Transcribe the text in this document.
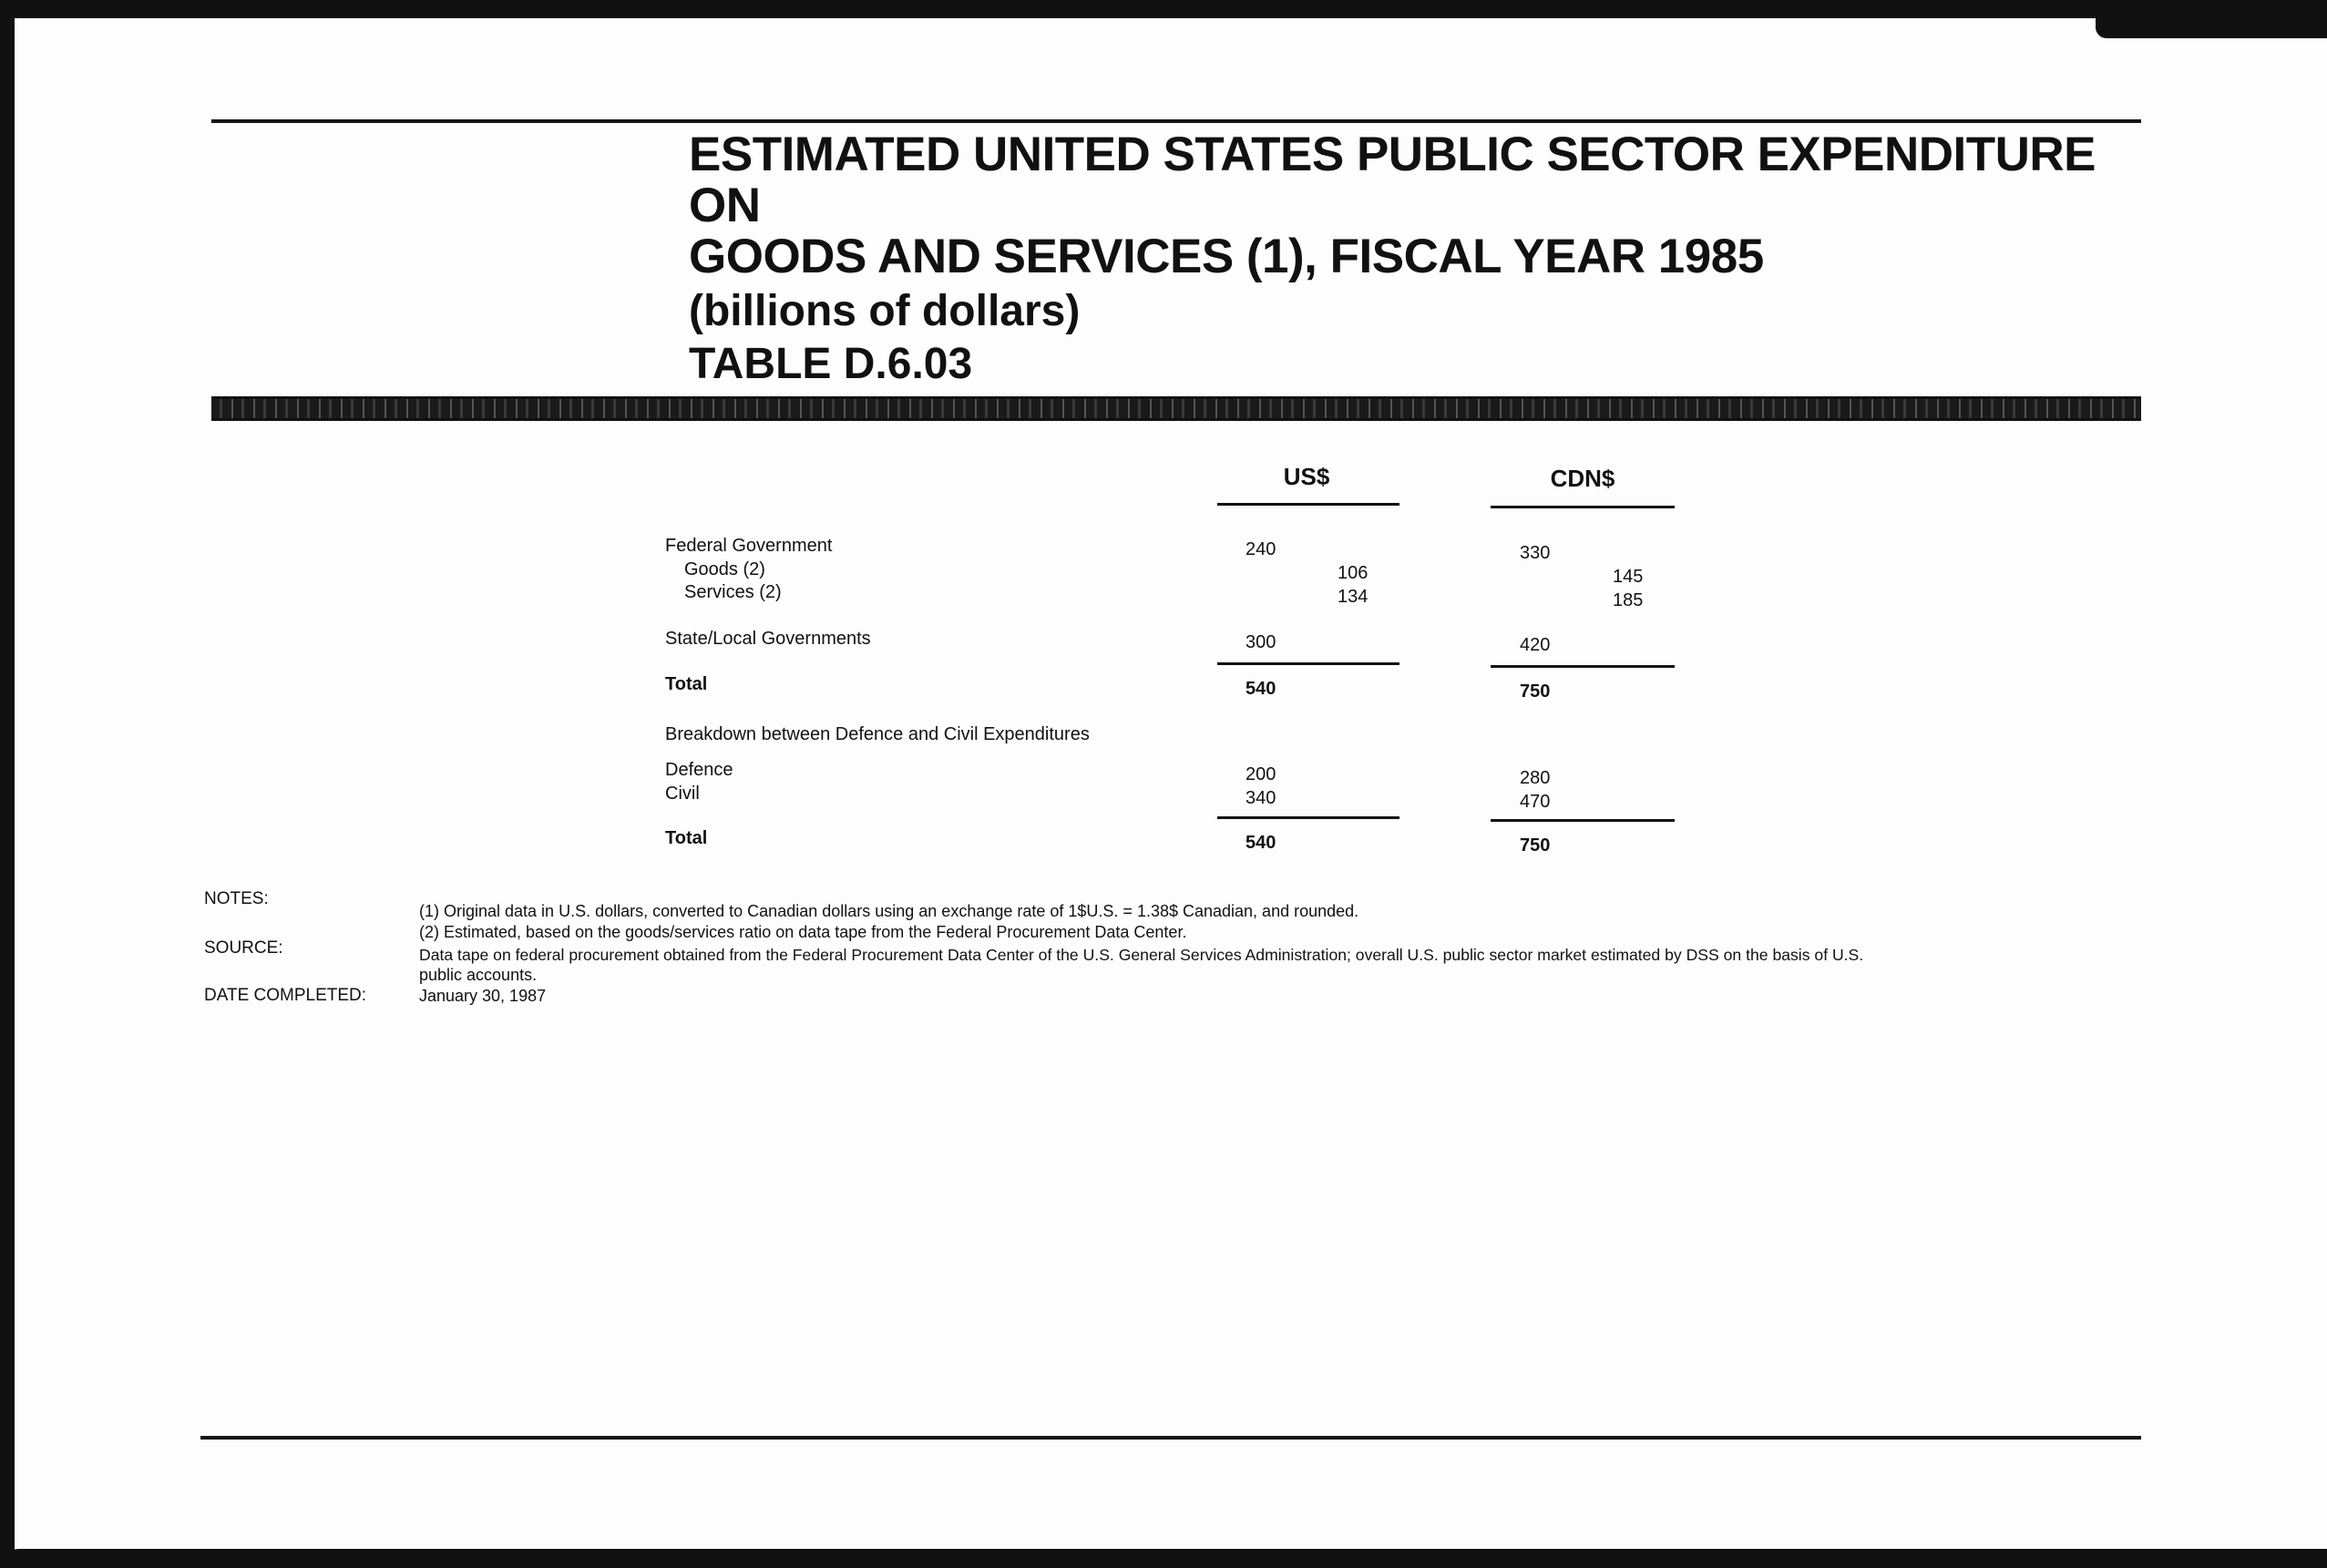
ESTIMATED UNITED STATES PUBLIC SECTOR EXPENDITURE ON
GOODS AND SERVICES (1), FISCAL YEAR 1985
(billions of dollars)
TABLE D.6.03
US$	CDN$
Federal Government	240	330
Goods (2)	106	145
Services (2)	134	185
State/Local Governments	300	420
Total	540	750
Breakdown between Defence and Civil Expenditures
Defence	200	280
Civil	340	470
Total	540	750
NOTES:
(1) Original data in U.S. dollars, converted to Canadian dollars using an exchange rate of 1$U.S. = 1.38$ Canadian, and rounded.
(2) Estimated, based on the goods/services ratio on data tape from the Federal Procurement Data Center.
SOURCE:	Data tape on federal procurement obtained from the Federal Procurement Data Center of the U.S. General Services Administration; overall U.S. public sector market estimated by DSS on the basis of U.S.
public accounts.
DATE COMPLETED:	January 30, 1987
